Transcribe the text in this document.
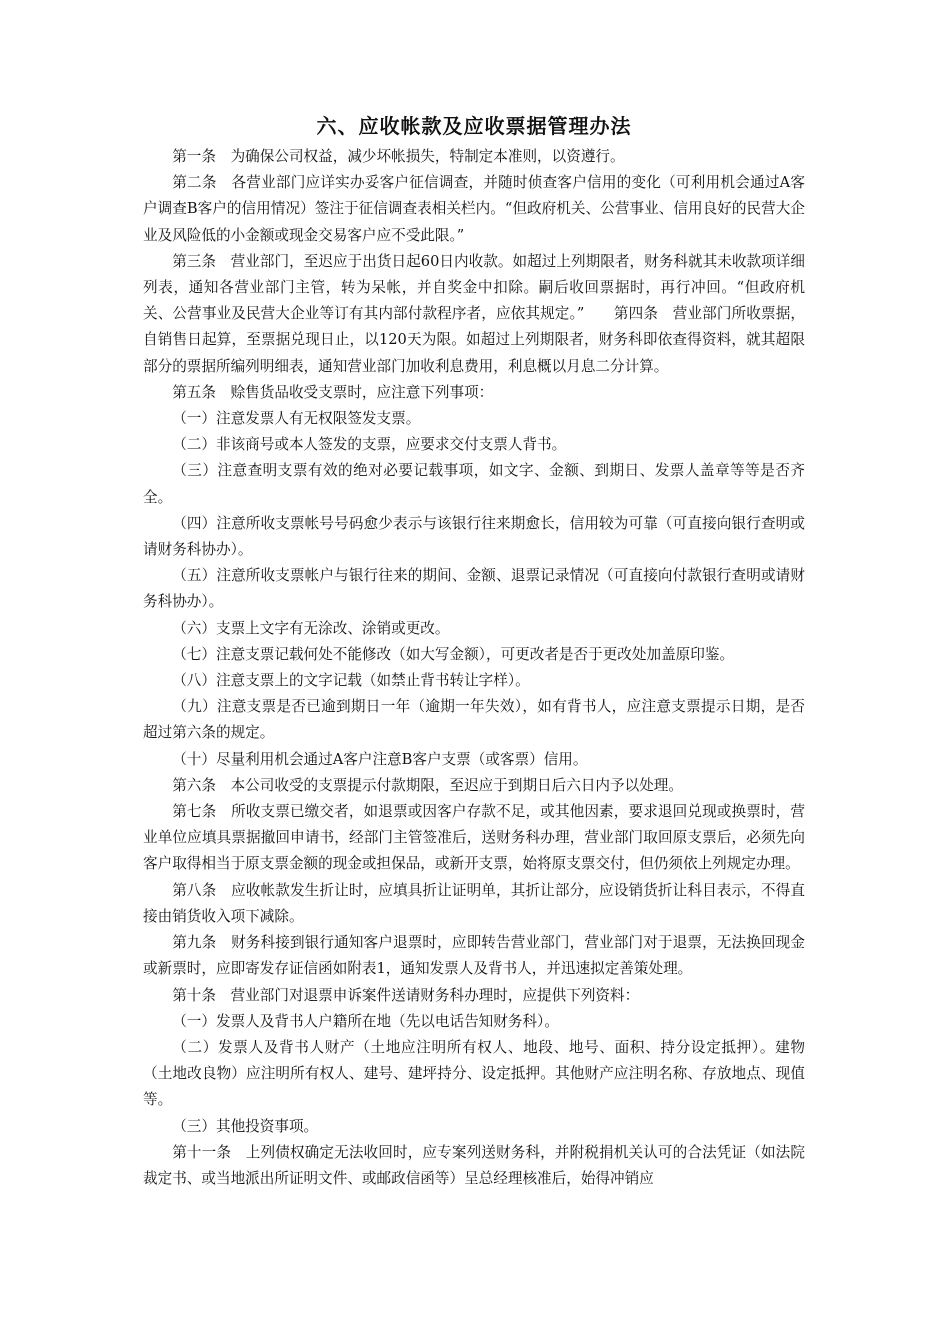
六、应收帐款及应收票据管理办法

第一条　为确保公司权益，减少坏帐损失，特制定本准则，以资遵行。

第二条　各营业部门应详实办妥客户征信调查，并随时侦查客户信用的变化（可利用机会通过A客户调查B客户的信用情况）签注于征信调查表相关栏内。“但政府机关、公营事业、信用良好的民营大企业及风险低的小金额或现金交易客户应不受此限。”

第三条　营业部门，至迟应于出货日起60日内收款。如超过上列期限者，财务科就其未收款项详细列表，通知各营业部门主管，转为呆帐，并自奖金中扣除。嗣后收回票据时，再行冲回。“但政府机关、公营事业及民营大企业等订有其内部付款程序者，应依其规定。”　　第四条　营业部门所收票据，自销售日起算，至票据兑现日止，以120天为限。如超过上列期限者，财务科即依查得资料，就其超限部分的票据所编列明细表，通知营业部门加收利息费用，利息概以月息二分计算。

第五条　赊售货品收受支票时，应注意下列事项：

（一）注意发票人有无权限签发支票。

（二）非该商号或本人签发的支票，应要求交付支票人背书。

（三）注意查明支票有效的绝对必要记载事项，如文字、金额、到期日、发票人盖章等等是否齐全。

（四）注意所收支票帐号号码愈少表示与该银行往来期愈长，信用较为可靠（可直接向银行查明或请财务科协办）。

（五）注意所收支票帐户与银行往来的期间、金额、退票记录情况（可直接向付款银行查明或请财务科协办）。

（六）支票上文字有无涂改、涂销或更改。

（七）注意支票记载何处不能修改（如大写金额），可更改者是否于更改处加盖原印鉴。

（八）注意支票上的文字记载（如禁止背书转让字样）。

（九）注意支票是否已逾到期日一年（逾期一年失效），如有背书人，应注意支票提示日期，是否超过第六条的规定。

（十）尽量利用机会通过A客户注意B客户支票（或客票）信用。

第六条　本公司收受的支票提示付款期限，至迟应于到期日后六日内予以处理。

第七条　所收支票已缴交者，如退票或因客户存款不足，或其他因素，要求退回兑现或换票时，营业单位应填具票据撤回申请书，经部门主管签准后，送财务科办理，营业部门取回原支票后，必须先向客户取得相当于原支票金额的现金或担保品，或新开支票，始将原支票交付，但仍须依上列规定办理。

第八条　应收帐款发生折让时，应填具折让证明单，其折让部分，应设销货折让科目表示，不得直接由销货收入项下减除。

第九条　财务科接到银行通知客户退票时，应即转告营业部门，营业部门对于退票，无法换回现金或新票时，应即寄发存证信函如附表1，通知发票人及背书人，并迅速拟定善策处理。

第十条　营业部门对退票申诉案件送请财务科办理时，应提供下列资料：

（一）发票人及背书人户籍所在地（先以电话告知财务科）。

（二）发票人及背书人财产（土地应注明所有权人、地段、地号、面积、持分设定抵押）。建物（土地改良物）应注明所有权人、建号、建坪持分、设定抵押。其他财产应注明名称、存放地点、现值等。

（三）其他投资事项。

第十一条　上列债权确定无法收回时，应专案列送财务科，并附税捐机关认可的合法凭证（如法院裁定书、或当地派出所证明文件、或邮政信函等）呈总经理核准后，始得冲销应
